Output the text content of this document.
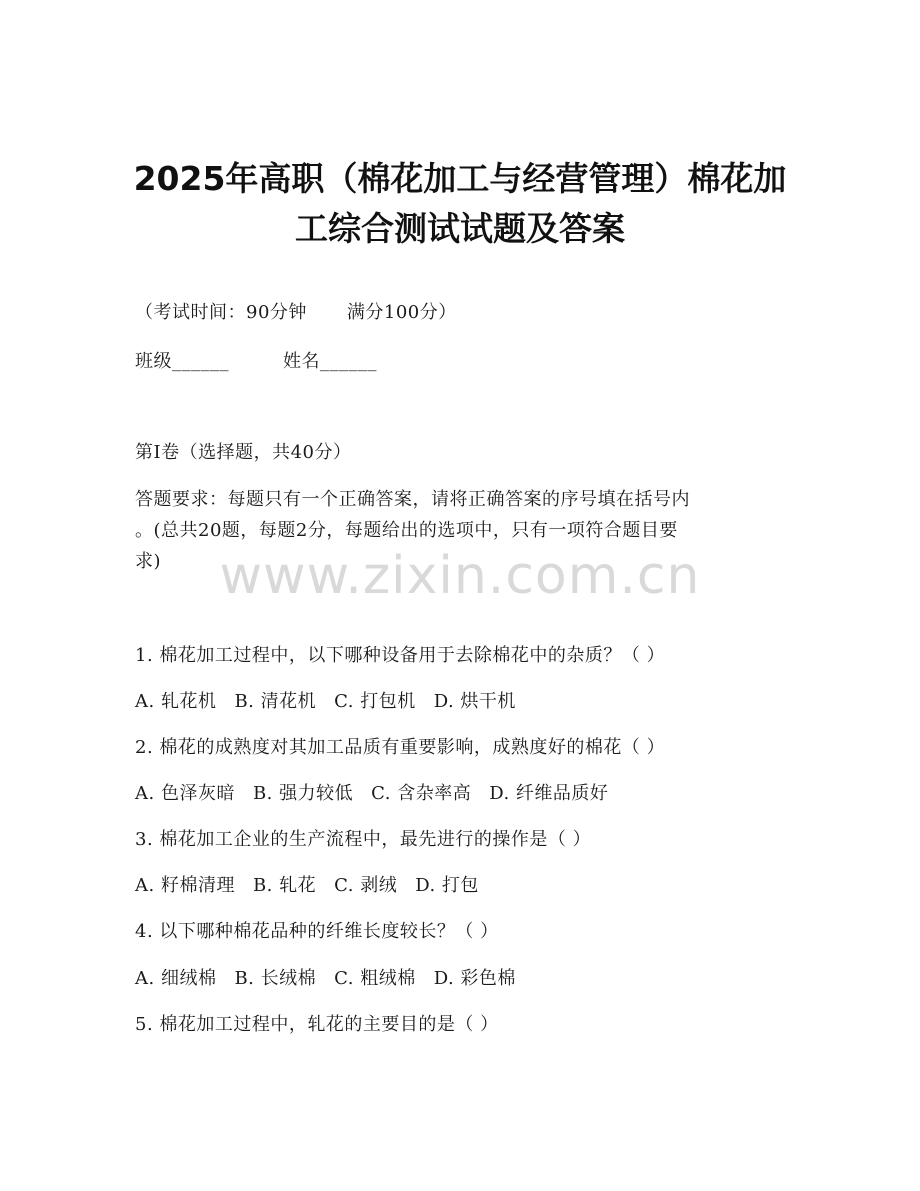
2025年高职（棉花加工与经营管理）棉花加
工综合测试试题及答案
（考试时间：90分钟 满分100分）
班级______	姓名______
第I卷（选择题，共40分）
答题要求：每题只有一个正确答案，请将正确答案的序号填在括号内
。(总共20题，每题2分，每题给出的选项中，只有一项符合题目要
求)	www.zixin.com.cn
1. 棉花加工过程中，以下哪种设备用于去除棉花中的杂质？（ ）
A. 轧花机 B. 清花机 C. 打包机 D. 烘干机
2. 棉花的成熟度对其加工品质有重要影响，成熟度好的棉花（ ）
A. 色泽灰暗 B. 强力较低 C. 含杂率高 D. 纤维品质好
3. 棉花加工企业的生产流程中，最先进行的操作是（ ）
A. 籽棉清理 B. 轧花 C. 剥绒 D. 打包
4. 以下哪种棉花品种的纤维长度较长？（ ）
A. 细绒棉 B. 长绒棉 C. 粗绒棉 D. 彩色棉
5. 棉花加工过程中，轧花的主要目的是（ ）
